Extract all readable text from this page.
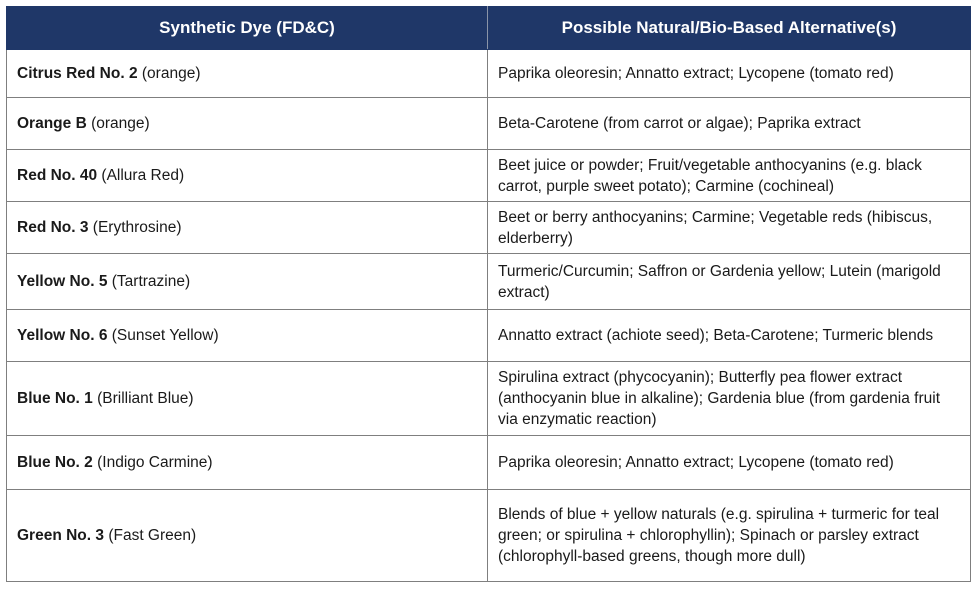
Synthetic Dye (FD&C)	Possible Natural/Bio-Based Alternative(s)
Citrus Red No. 2 (orange)	Paprika oleoresin; Annatto extract; Lycopene (tomato red)
Orange B (orange)	Beta-Carotene (from carrot or algae); Paprika extract
Red No. 40 (Allura Red)	Beet juice or powder; Fruit/vegetable anthocyanins (e.g. black carrot, purple sweet potato); Carmine (cochineal)
Red No. 3 (Erythrosine)	Beet or berry anthocyanins; Carmine; Vegetable reds (hibiscus, elderberry)
Yellow No. 5 (Tartrazine)	Turmeric/Curcumin; Saffron or Gardenia yellow; Lutein (marigold extract)
Yellow No. 6 (Sunset Yellow)	Annatto extract (achiote seed); Beta-Carotene; Turmeric blends
Blue No. 1 (Brilliant Blue)	Spirulina extract (phycocyanin); Butterfly pea flower extract (anthocyanin blue in alkaline); Gardenia blue (from gardenia fruit via enzymatic reaction)
Blue No. 2 (Indigo Carmine)	Paprika oleoresin; Annatto extract; Lycopene (tomato red)
Green No. 3 (Fast Green)	Blends of blue + yellow naturals (e.g. spirulina + turmeric for teal green; or spirulina + chlorophyllin); Spinach or parsley extract (chlorophyll-based greens, though more dull)
